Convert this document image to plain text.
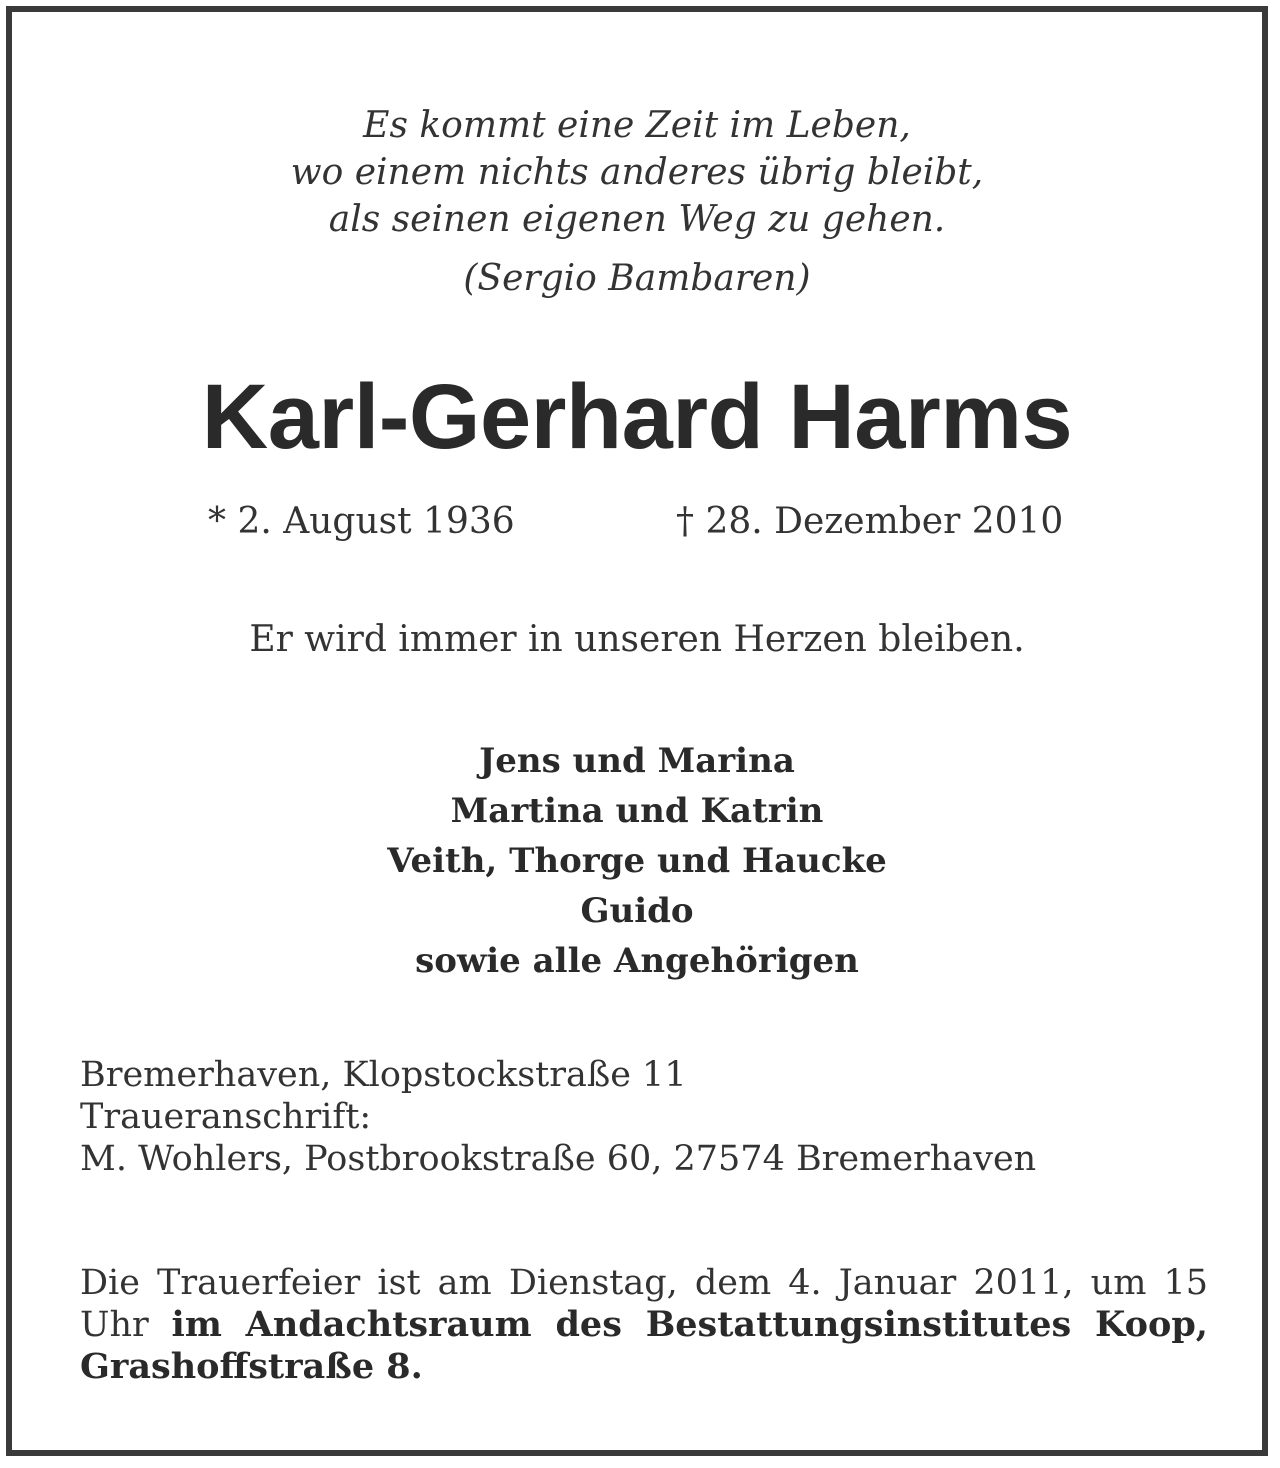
Es kommt eine Zeit im Leben,
wo einem nichts anderes übrig bleibt,
als seinen eigenen Weg zu gehen.
(Sergio Bambaren)
Karl-Gerhard Harms
* 2. August 1936	† 28. Dezember 2010
Er wird immer in unseren Herzen bleiben.
Jens und Marina
Martina und Katrin
Veith, Thorge und Haucke
Guido
sowie alle Angehörigen
Bremerhaven, Klopstockstraße 11
Traueranschrift:
M. Wohlers, Postbrookstraße 60, 27574 Bremerhaven
Die Trauerfeier ist am Dienstag, dem 4. Januar 2011, um 15 Uhr im Andachtsraum des Bestattungsinstitutes Koop, Grashoffstraße 8.
